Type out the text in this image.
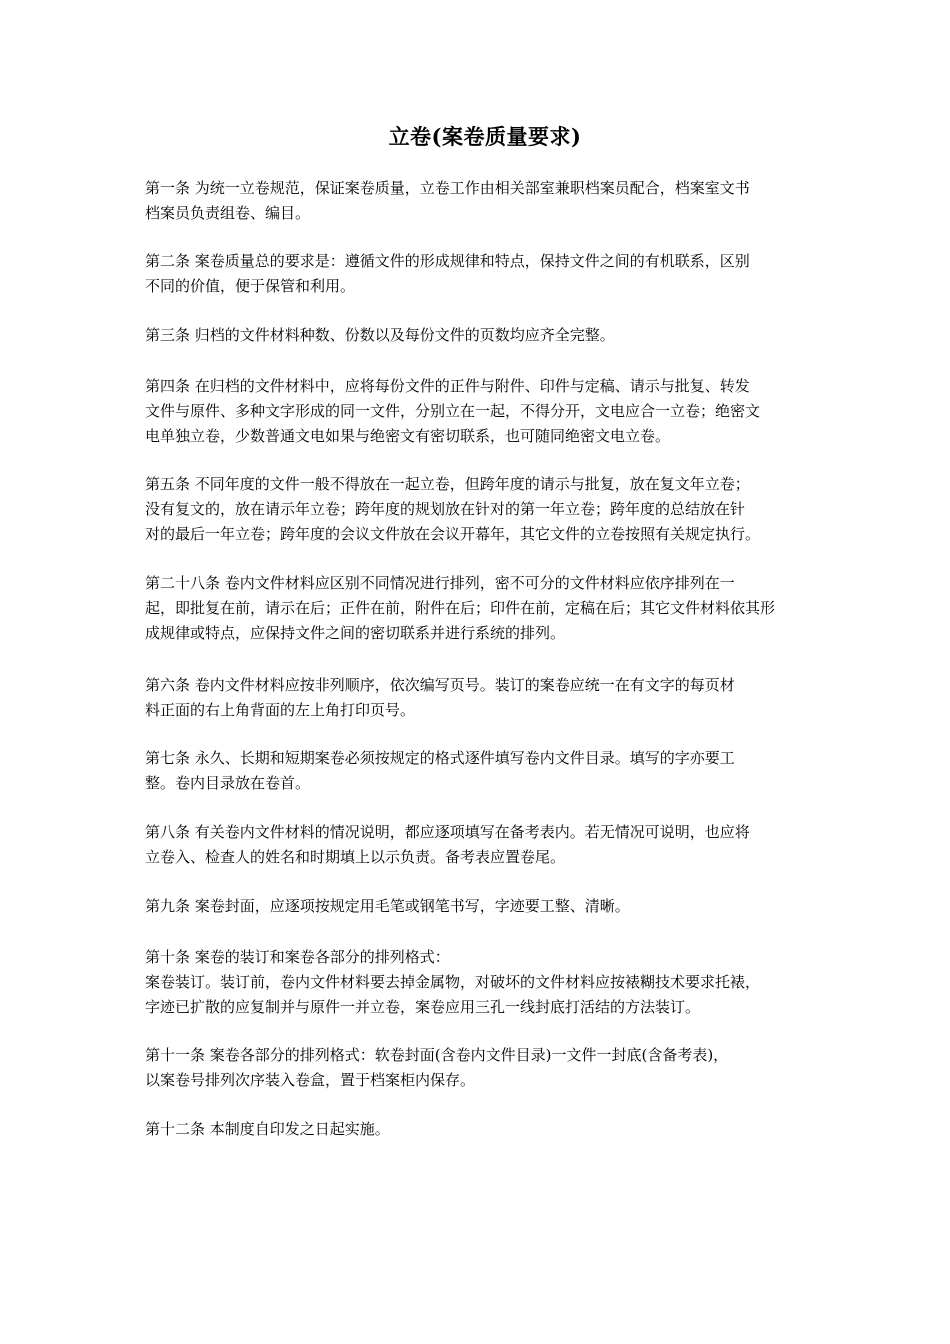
立卷(案卷质量要求)

第一条 为统一立卷规范，保证案卷质量，立卷工作由相关部室兼职档案员配合，档案室文书
档案员负责组卷、编目。

第二条 案卷质量总的要求是：遵循文件的形成规律和特点，保持文件之间的有机联系，区别
不同的价值，便于保管和利用。

第三条 归档的文件材料种数、份数以及每份文件的页数均应齐全完整。

第四条 在归档的文件材料中，应将每份文件的正件与附件、印件与定稿、请示与批复、转发
文件与原件、多种文字形成的同一文件，分别立在一起，不得分开，文电应合一立卷；绝密文
电单独立卷，少数普通文电如果与绝密文有密切联系，也可随同绝密文电立卷。

第五条 不同年度的文件一般不得放在一起立卷，但跨年度的请示与批复，放在复文年立卷；
没有复文的，放在请示年立卷；跨年度的规划放在针对的第一年立卷；跨年度的总结放在针
对的最后一年立卷；跨年度的会议文件放在会议开幕年，其它文件的立卷按照有关规定执行。

第二十八条 卷内文件材料应区别不同情况进行排列，密不可分的文件材料应依序排列在一
起，即批复在前，请示在后；正件在前，附件在后；印件在前，定稿在后；其它文件材料依其形
成规律或特点，应保持文件之间的密切联系并进行系统的排列。

第六条 卷内文件材料应按非列顺序，依次编写页号。装订的案卷应统一在有文字的每页材
料正面的右上角背面的左上角打印页号。

第七条 永久、长期和短期案卷必须按规定的格式逐件填写卷内文件目录。填写的字亦要工
整。卷内目录放在卷首。

第八条 有关卷内文件材料的情况说明，都应逐项填写在备考表内。若无情况可说明，也应将
立卷入、检查人的姓名和时期填上以示负责。备考表应置卷尾。

第九条 案卷封面，应逐项按规定用毛笔或钢笔书写，字迹要工整、清晰。

第十条 案卷的装订和案卷各部分的排列格式：
案卷装订。装订前，卷内文件材料要去掉金属物，对破坏的文件材料应按裱糊技术要求托裱，
字迹已扩散的应复制并与原件一并立卷，案卷应用三孔一线封底打活结的方法装订。

第十一条 案卷各部分的排列格式：软卷封面(含卷内文件目录)一文件一封底(含备考表)，
以案卷号排列次序装入卷盒，置于档案柜内保存。

第十二条 本制度自印发之日起实施。
